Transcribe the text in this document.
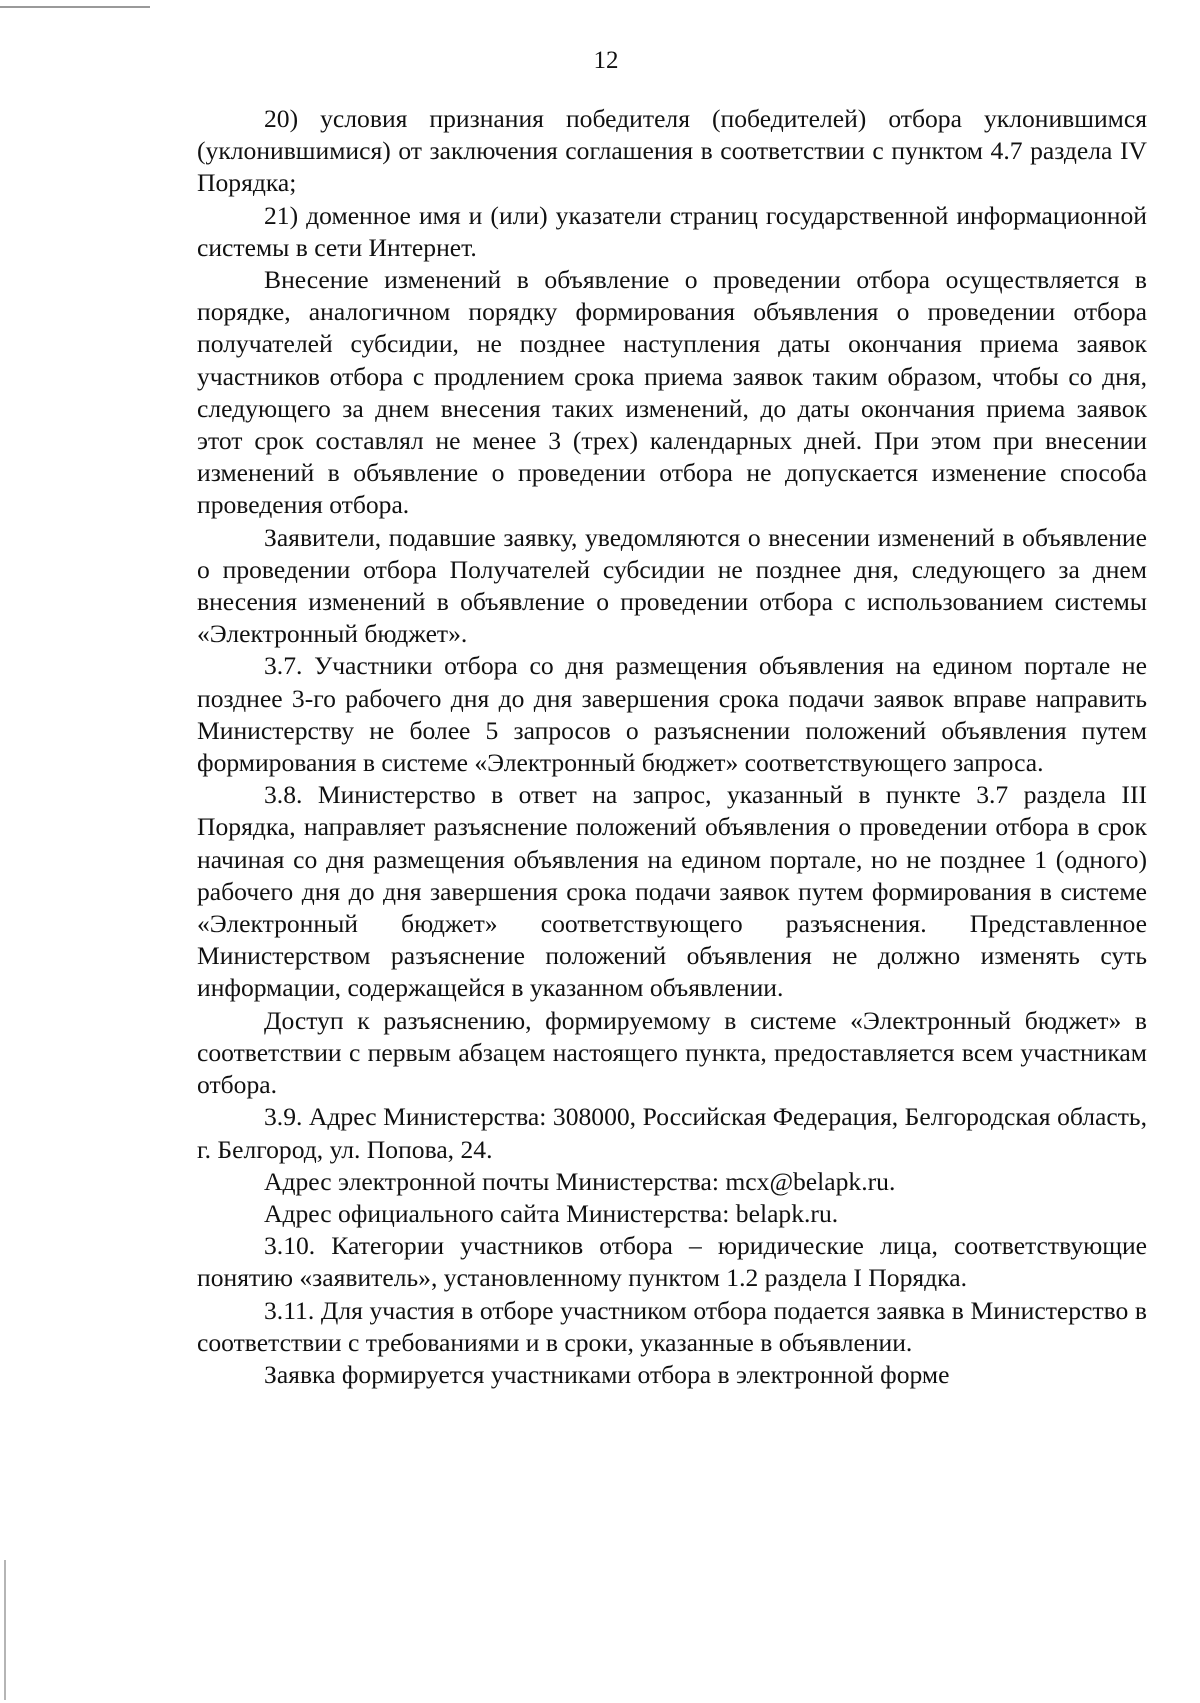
12

20) условия признания победителя (победителей) отбора уклонившимся (уклонившимися) от заключения соглашения в соответствии с пунктом 4.7 раздела IV Порядка;

21) доменное имя и (или) указатели страниц государственной информационной системы в сети Интернет.

Внесение изменений в объявление о проведении отбора осуществляется в порядке, аналогичном порядку формирования объявления о проведении отбора получателей субсидии, не позднее наступления даты окончания приема заявок участников отбора с продлением срока приема заявок таким образом, чтобы со дня, следующего за днем внесения таких изменений, до даты окончания приема заявок этот срок составлял не менее 3 (трех) календарных дней. При этом при внесении изменений в объявление о проведении отбора не допускается изменение способа проведения отбора.

Заявители, подавшие заявку, уведомляются о внесении изменений в объявление о проведении отбора Получателей субсидии не позднее дня, следующего за днем внесения изменений в объявление о проведении отбора с использованием системы «Электронный бюджет».

3.7. Участники отбора со дня размещения объявления на едином портале не позднее 3-го рабочего дня до дня завершения срока подачи заявок вправе направить Министерству не более 5 запросов о разъяснении положений объявления путем формирования в системе «Электронный бюджет» соответствующего запроса.

3.8. Министерство в ответ на запрос, указанный в пункте 3.7 раздела III Порядка, направляет разъяснение положений объявления о проведении отбора в срок начиная со дня размещения объявления на едином портале, но не позднее 1 (одного) рабочего дня до дня завершения срока подачи заявок путем формирования в системе «Электронный бюджет» соответствующего разъяснения. Представленное Министерством разъяснение положений объявления не должно изменять суть информации, содержащейся в указанном объявлении.

Доступ к разъяснению, формируемому в системе «Электронный бюджет» в соответствии с первым абзацем настоящего пункта, предоставляется всем участникам отбора.

3.9. Адрес Министерства: 308000, Российская Федерация, Белгородская область, г. Белгород, ул. Попова, 24.

Адрес электронной почты Министерства: mcx@belapk.ru.

Адрес официального сайта Министерства: belapk.ru.

3.10. Категории участников отбора – юридические лица, соответствующие понятию «заявитель», установленному пунктом 1.2 раздела I Порядка.

3.11. Для участия в отборе участником отбора подается заявка в Министерство в соответствии с требованиями и в сроки, указанные в объявлении.

Заявка формируется участниками отбора в электронной форме
